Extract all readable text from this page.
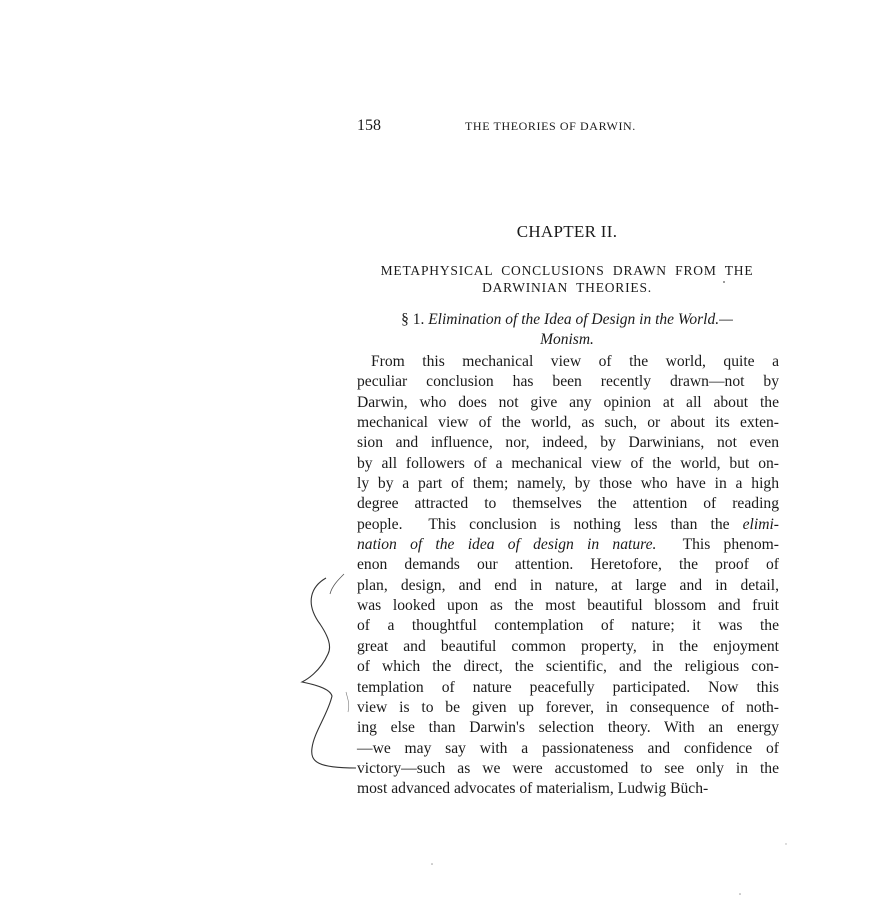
158	THE THEORIES OF DARWIN.
CHAPTER II.
METAPHYSICAL  CONCLUSIONS  DRAWN  FROM  THE
DARWINIAN  THEORIES.
§ 1. Elimination of the Idea of Design in the World.—
Monism.
From this mechanical view of the world, quite a
peculiar conclusion has been recently drawn—not by
Darwin, who does not give any opinion at all about the
mechanical view of the world, as such, or about its exten-
sion and influence, nor, indeed, by Darwinians, not even
by all followers of a mechanical view of the world, but on-
ly by a part of them; namely, by those who have in a high
degree attracted to themselves the attention of reading
people.  This conclusion is nothing less than the elimi-
nation of the idea of design in nature.  This phenom-
enon demands our attention. Heretofore, the proof of
plan, design, and end in nature, at large and in detail,
was looked upon as the most beautiful blossom and fruit
of a thoughtful contemplation of nature; it was the
great and beautiful common property, in the enjoyment
of which the direct, the scientific, and the religious con-
templation of nature peacefully participated. Now this
view is to be given up forever, in consequence of noth-
ing else than Darwin's selection theory. With an energy
—we may say with a passionateness and confidence of
victory—such as we were accustomed to see only in the
most advanced advocates of materialism, Ludwig Büch-
